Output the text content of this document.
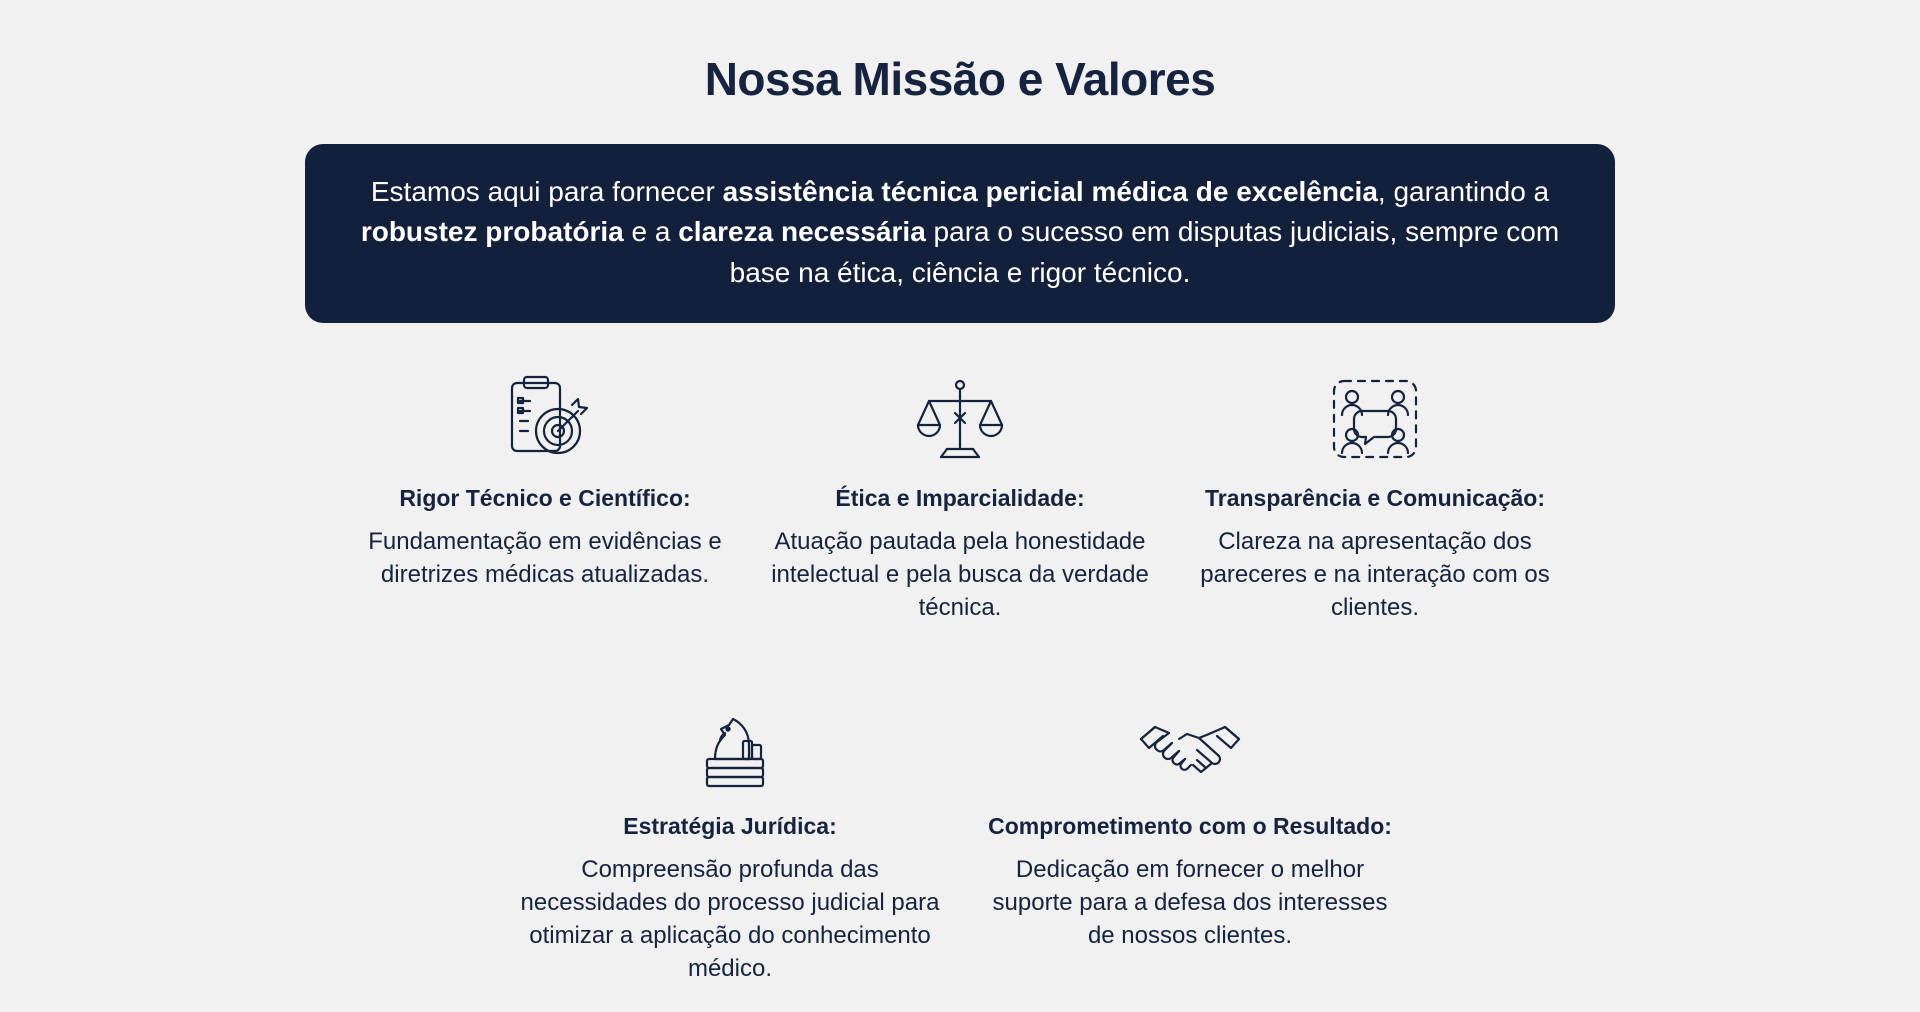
Nossa Missão e Valores
Estamos aqui para fornecer assistência técnica pericial médica de excelência, garantindo a robustez probatória e a clareza necessária para o sucesso em disputas judiciais, sempre com base na ética, ciência e rigor técnico.
Rigor Técnico e Científico:
Fundamentação em evidências e diretrizes médicas atualizadas.
Ética e Imparcialidade:
Atuação pautada pela honestidade intelectual e pela busca da verdade técnica.
Transparência e Comunicação:
Clareza na apresentação dos pareceres e na interação com os clientes.
Estratégia Jurídica:
Compreensão profunda das necessidades do processo judicial para otimizar a aplicação do conhecimento médico.
Comprometimento com o Resultado:
Dedicação em fornecer o melhor suporte para a defesa dos interesses de nossos clientes.
